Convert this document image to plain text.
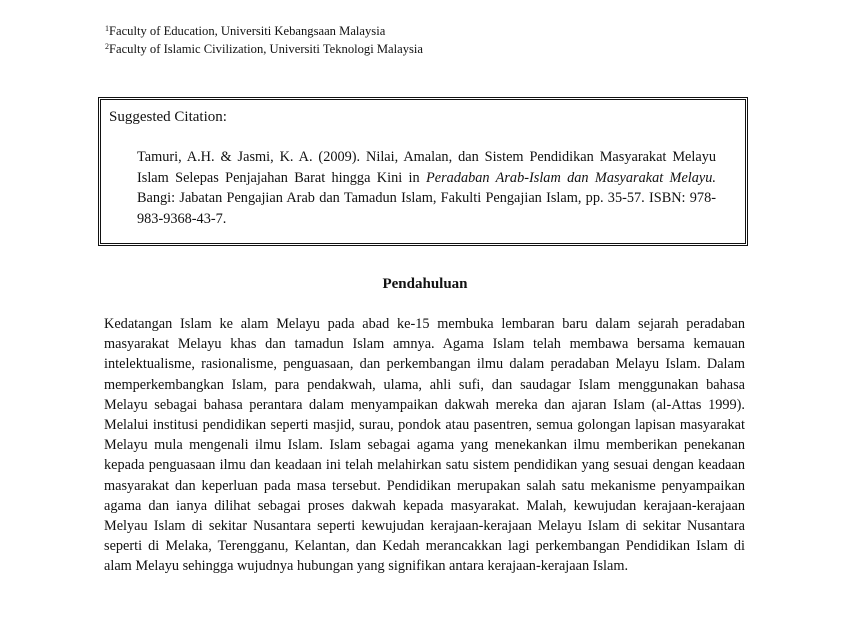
$^1$Faculty of Education, Universiti Kebangsaan Malaysia
$^2$Faculty of Islamic Civilization, Universiti Teknologi Malaysia
Suggested Citation:
Tamuri, A.H. & Jasmi, K. A. (2009). Nilai, Amalan, dan Sistem Pendidikan Masyarakat Melayu Islam Selepas Penjajahan Barat hingga Kini in Peradaban Arab-Islam dan Masyarakat Melayu. Bangi: Jabatan Pengajian Arab dan Tamadun Islam, Fakulti Pengajian Islam, pp. 35-57. ISBN: 978-983-9368-43-7.
Pendahuluan
Kedatangan Islam ke alam Melayu pada abad ke-15 membuka lembaran baru dalam sejarah peradaban masyarakat Melayu khas dan tamadun Islam amnya. Agama Islam telah membawa bersama kemauan intelektualisme, rasionalisme, penguasaan, dan perkembangan ilmu dalam peradaban Melayu Islam. Dalam memperkembangkan Islam, para pendakwah, ulama, ahli sufi, dan saudagar Islam menggunakan bahasa Melayu sebagai bahasa perantara dalam menyampaikan dakwah mereka dan ajaran Islam (al-Attas 1999). Melalui institusi pendidikan seperti masjid, surau, pondok atau pasentren, semua golongan lapisan masyarakat Melayu mula mengenali ilmu Islam. Islam sebagai agama yang menekankan ilmu memberikan penekanan kepada penguasaan ilmu dan keadaan ini telah melahirkan satu sistem pendidikan yang sesuai dengan keadaan masyarakat dan keperluan pada masa tersebut. Pendidikan merupakan salah satu mekanisme penyampaikan agama dan ianya dilihat sebagai proses dakwah kepada masyarakat. Malah, kewujudan kerajaan-kerajaan Melyau Islam di sekitar Nusantara seperti kewujudan kerajaan-kerajaan Melayu Islam di sekitar Nusantara seperti di Melaka, Terengganu, Kelantan, dan Kedah merancakkan lagi perkembangan Pendidikan Islam di alam Melayu sehingga wujudnya hubungan yang signifikan antara kerajaan-kerajaan Islam.
